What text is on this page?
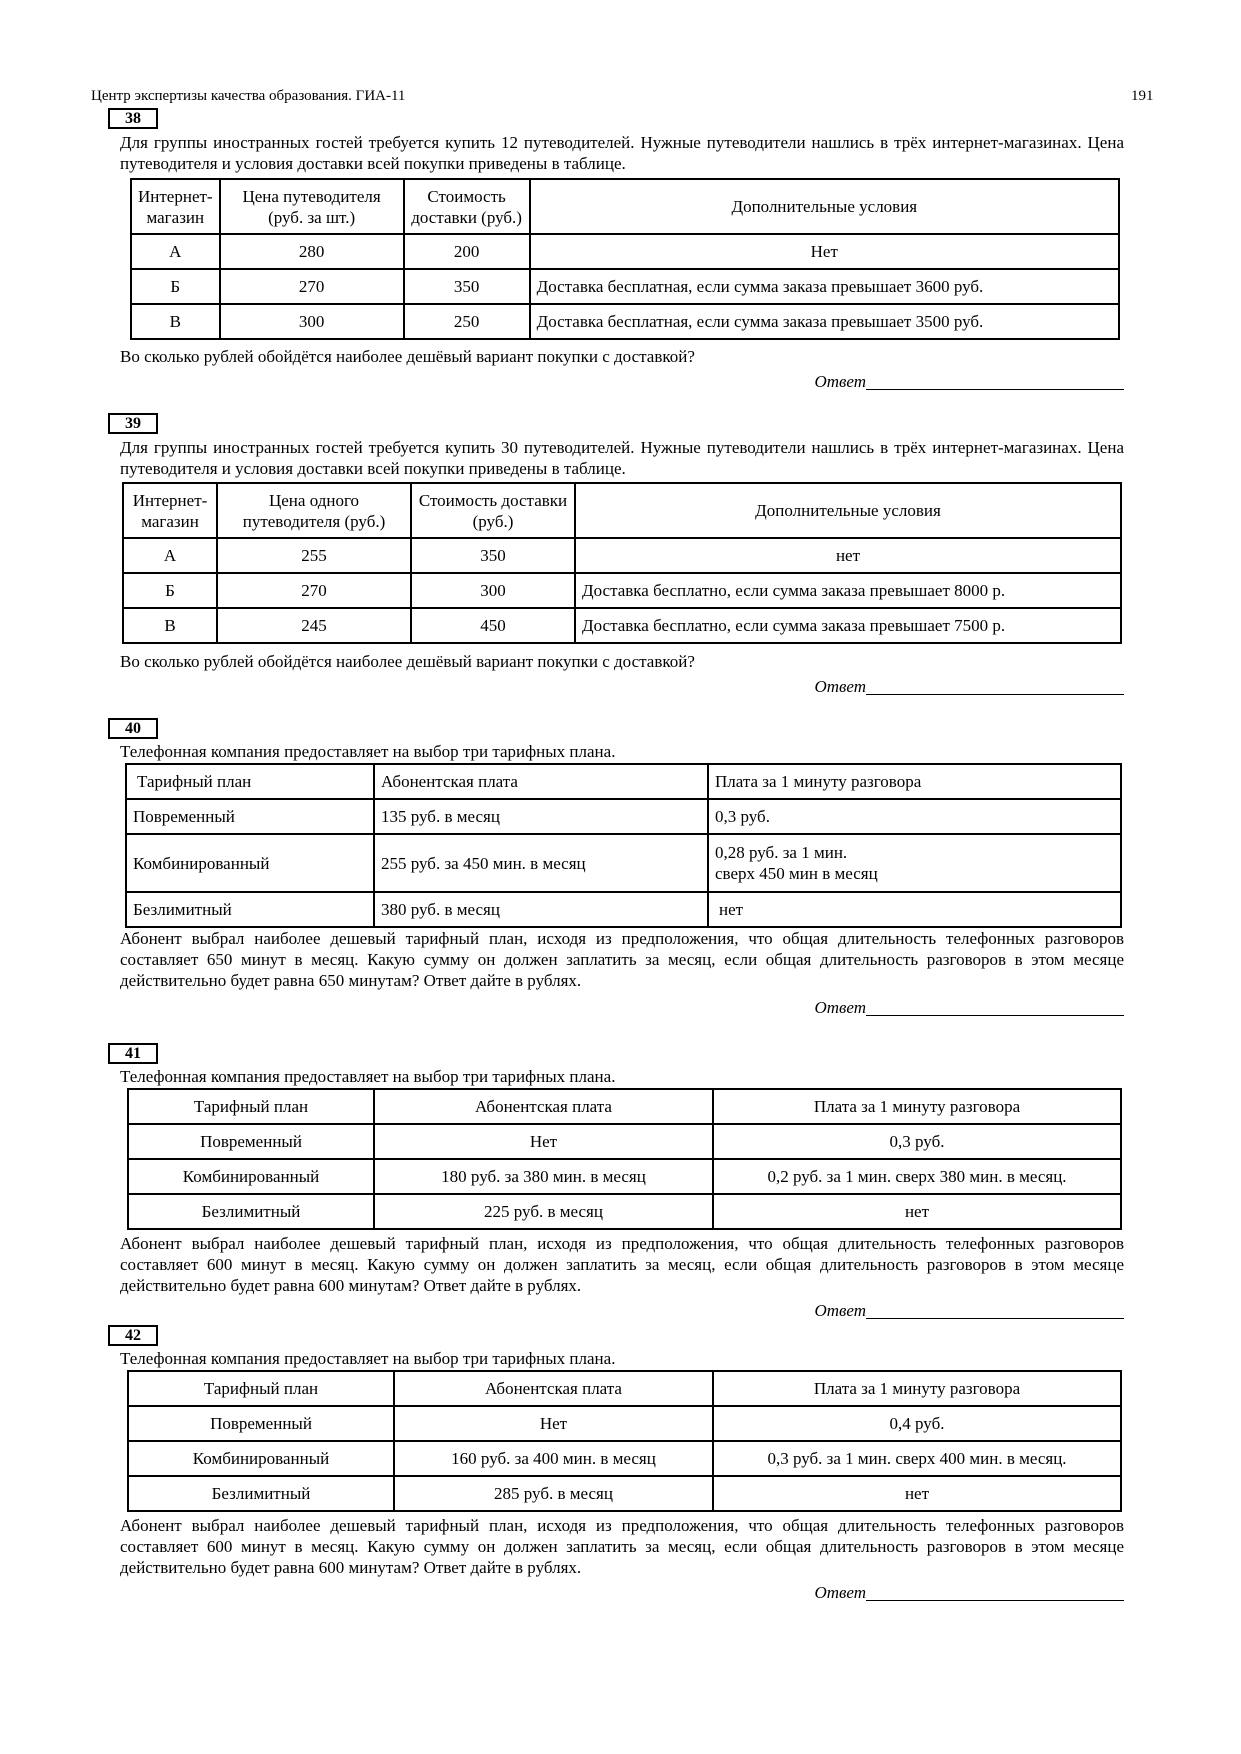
Центр экспертизы качества образования. ГИА-11	191
38
Для группы иностранных гостей требуется купить 12 путеводителей. Нужные путеводители нашлись в трёх интернет-магазинах. Цена путеводителя и условия доставки всей покупки приведены в таблице.
Интернет-магазин	Цена путеводителя (руб. за шт.)	Стоимость доставки (руб.)	Дополнительные условия
А	280	200	Нет
Б	270	350	Доставка бесплатная, если сумма заказа превышает 3600 руб.
В	300	250	Доставка бесплатная, если сумма заказа превышает 3500 руб.
Во сколько рублей обойдётся наиболее дешёвый вариант покупки с доставкой?
Ответ
39
Для группы иностранных гостей требуется купить 30 путеводителей. Нужные путеводители нашлись в трёх интернет-магазинах. Цена путеводителя и условия доставки всей покупки приведены в таблице.
Интернет-магазин	Цена одного путеводителя (руб.)	Стоимость доставки (руб.)	Дополнительные условия
А	255	350	нет
Б	270	300	Доставка бесплатно, если сумма заказа превышает 8000 р.
В	245	450	Доставка бесплатно, если сумма заказа превышает 7500 р.
Во сколько рублей обойдётся наиболее дешёвый вариант покупки с доставкой?
Ответ
40
Телефонная компания предоставляет на выбор три тарифных плана.
Тарифный план	Абонентская плата	Плата за 1 минуту разговора
Повременный	135 руб. в месяц	0,3 руб.
Комбинированный	255 руб. за 450 мин. в месяц	0,28 руб. за 1 мин.
сверх 450 мин в месяц

Безлимитный	380 руб. в месяц	нет
Абонент выбрал наиболее дешевый тарифный план, исходя из предположения, что общая длительность телефонных разговоров составляет 650 минут в месяц. Какую сумму он должен заплатить за месяц, если общая длительность разговоров в этом месяце действительно будет равна 650 минутам? Ответ дайте в рублях.
Ответ
41
Телефонная компания предоставляет на выбор три тарифных плана.
Тарифный план	Абонентская плата	Плата за 1 минуту разговора
Повременный	Нет	0,3 руб.
Комбинированный	180 руб. за 380 мин. в месяц	0,2 руб. за 1 мин. сверх 380 мин. в месяц.
Безлимитный	225 руб. в месяц	нет
Абонент выбрал наиболее дешевый тарифный план, исходя из предположения, что общая длительность телефонных разговоров составляет 600 минут в месяц. Какую сумму он должен заплатить за месяц, если общая длительность разговоров в этом месяце действительно будет равна 600 минутам? Ответ дайте в рублях.
Ответ
42
Телефонная компания предоставляет на выбор три тарифных плана.
Тарифный план	Абонентская плата	Плата за 1 минуту разговора
Повременный	Нет	0,4 руб.
Комбинированный	160 руб. за 400 мин. в месяц	0,3 руб. за 1 мин. сверх 400 мин. в месяц.
Безлимитный	285 руб. в месяц	нет
Абонент выбрал наиболее дешевый тарифный план, исходя из предположения, что общая длительность телефонных разговоров составляет 600 минут в месяц. Какую сумму он должен заплатить за месяц, если общая длительность разговоров в этом месяце действительно будет равна 600 минутам? Ответ дайте в рублях.
Ответ
